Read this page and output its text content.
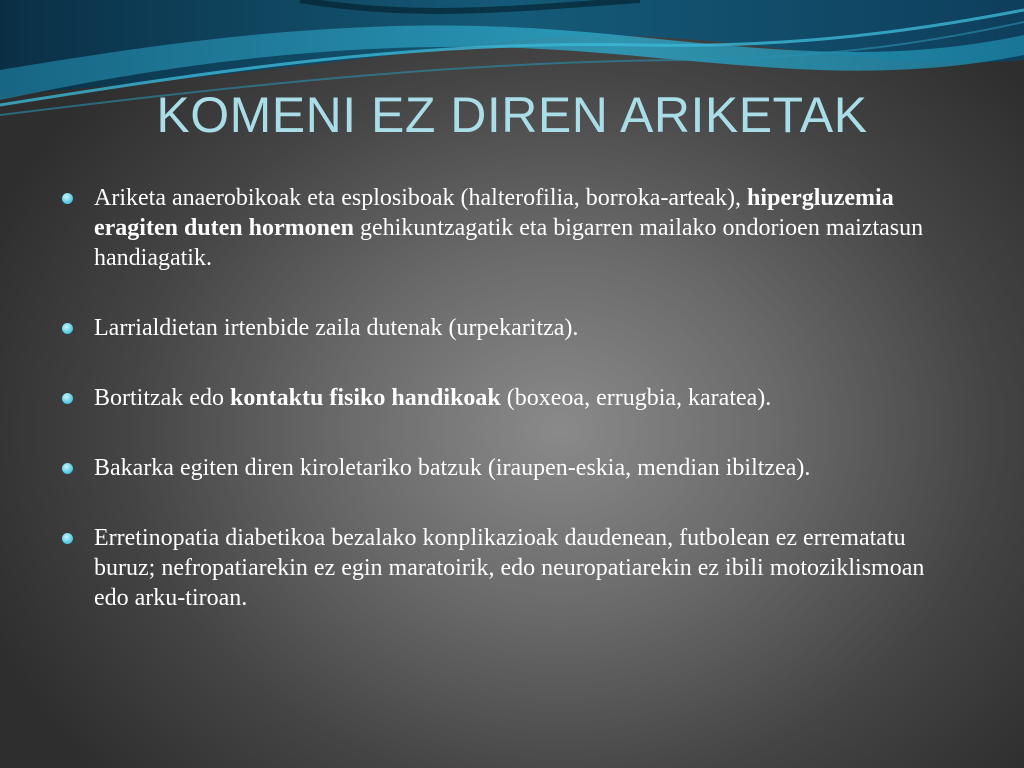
KOMENI EZ DIREN ARIKETAK
Ariketa anaerobikoak eta esplosiboak (halterofilia, borroka-arteak), hipergluzemia eragiten duten hormonen gehikuntzagatik eta bigarren mailako ondorioen maiztasun handiagatik.
Larrialdietan irtenbide zaila dutenak (urpekaritza).
Bortitzak edo kontaktu fisiko handikoak (boxeoa, errugbia, karatea).
Bakarka egiten diren kiroletariko batzuk (iraupen-eskia, mendian ibiltzea).
Erretinopatia diabetikoa bezalako konplikazioak daudenean, futbolean ez errematatu buruz; nefropatiarekin ez egin maratoirik, edo neuropatiarekin ez ibili motoziklismoan edo arku-tiroan.
